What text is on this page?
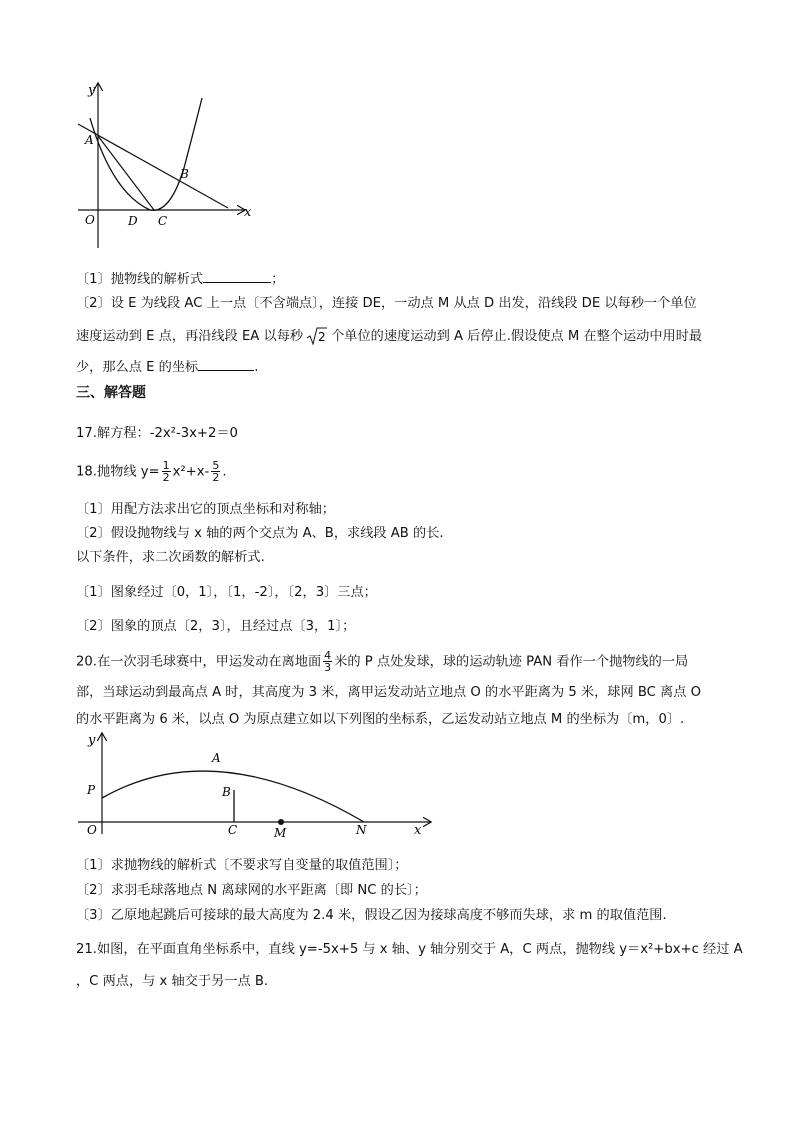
y
x
A
B
O	D C
〔1〕抛物线的解析式	；
〔2〕设 E 为线段 AC 上一点〔不含端点〕，连接 DE，一动点 M 从点 D 出发，沿线段 DE 以每秒一个单位
速度运动到 E 点，再沿线段 EA 以每秒 2 个单位的速度运动到 A 后停止.假设使点 M 在整个运动中用时最
少，那么点 E 的坐标	.
三、解答题
17.解方程：-2x²-3x+2＝0
18.抛物线 $y= \frac{1}{2} x^2+x- \frac{5}{2}$ .
〔1〕用配方法求出它的顶点坐标和对称轴；
〔2〕假设抛物线与 x 轴的两个交点为 A、B，求线段 AB 的长.
以下条件，求二次函数的解析式.
〔1〕图象经过〔0，1〕，〔1，-2〕，〔2，3〕三点；
〔2〕图象的顶点〔2，3〕，且经过点〔3，1〕；
20.在一次羽毛球赛中，甲运发动在离地面 $\frac{4}{3}$ 米的 P 点处发球，球的运动轨迹 PAN 看作一个抛物线的一局
部，当球运动到最高点 A 时，其高度为 3 米，离甲运发动站立地点 O 的水平距离为 5 米，球网 BC 离点 O
的水平距离为 6 米，以点 O 为原点建立如以下列图的坐标系，乙运发动站立地点 M 的坐标为〔m，0〕.
y
A
P	B
O	C	M	N	x
〔1〕求抛物线的解析式〔不要求写自变量的取值范围〕；
〔2〕求羽毛球落地点 N 离球网的水平距离〔即 NC 的长〕；
〔3〕乙原地起跳后可接球的最大高度为 2.4 米，假设乙因为接球高度不够而失球，求 m 的取值范围.
21.如图，在平面直角坐标系中，直线 y=-5x+5 与 x 轴、y 轴分别交于 A，C 两点，抛物线 y＝x²+bx+c 经过 A
，C 两点，与 x 轴交于另一点 B.
